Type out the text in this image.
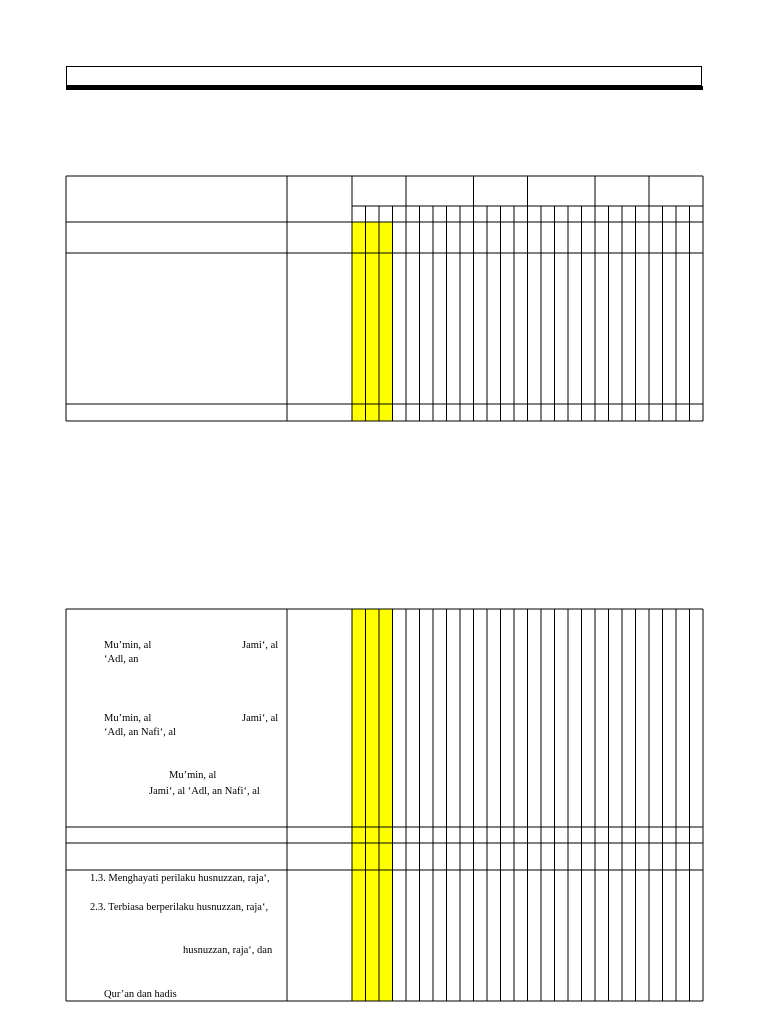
Mu’min, al	Jami‘, al
‘Adl, an
Mu’min, al	Jami‘, al
‘Adl, an Nafi‘, al
Mu’min, al
Jami‘, al ‘Adl, an Nafi‘, al
1.3. Menghayati perilaku husnuzzan, raja‘,
2.3. Terbiasa berperilaku husnuzzan, raja‘,
husnuzzan, raja‘, dan
Qur’an dan hadis
